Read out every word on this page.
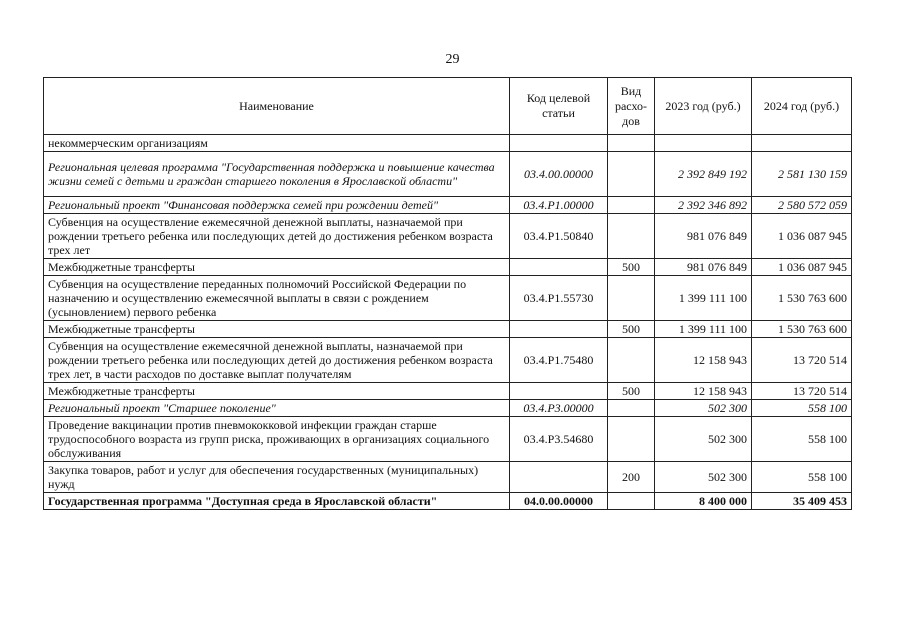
29
Наименование	Код целевой статьи	Вид расхо-дов	2023 год (руб.)	2024 год (руб.)
некоммерческим организациям				
Региональная целевая программа "Государственная поддержка и повышение качества жизни семей с детьми и граждан старшего поколения в Ярославской области"	03.4.00.00000		2 392 849 192	2 581 130 159
Региональный проект "Финансовая поддержка семей при рождении детей"	03.4.P1.00000		2 392 346 892	2 580 572 059
Субвенция на осуществление ежемесячной денежной выплаты, назначаемой при рождении третьего ребенка или последующих детей до достижения ребенком возраста трех лет	03.4.P1.50840		981 076 849	1 036 087 945
Межбюджетные трансферты		500	981 076 849	1 036 087 945
Субвенция на осуществление переданных полномочий Российской Федерации по назначению и осуществлению ежемесячной выплаты в связи с рождением (усыновлением) первого ребенка	03.4.P1.55730		1 399 111 100	1 530 763 600
Межбюджетные трансферты		500	1 399 111 100	1 530 763 600
Субвенция на осуществление ежемесячной денежной выплаты, назначаемой при рождении третьего ребенка или последующих детей до достижения ребенком возраста трех лет, в части расходов по доставке выплат получателям	03.4.P1.75480		12 158 943	13 720 514
Межбюджетные трансферты		500	12 158 943	13 720 514
Региональный проект "Старшее поколение"	03.4.P3.00000		502 300	558 100
Проведение вакцинации против пневмококковой инфекции граждан старше трудоспособного возраста из групп риска, проживающих в организациях социального обслуживания	03.4.P3.54680		502 300	558 100
Закупка товаров, работ и услуг для обеспечения государственных (муниципальных) нужд		200	502 300	558 100
Государственная программа "Доступная среда в Ярославской области"	04.0.00.00000		8 400 000	35 409 453
